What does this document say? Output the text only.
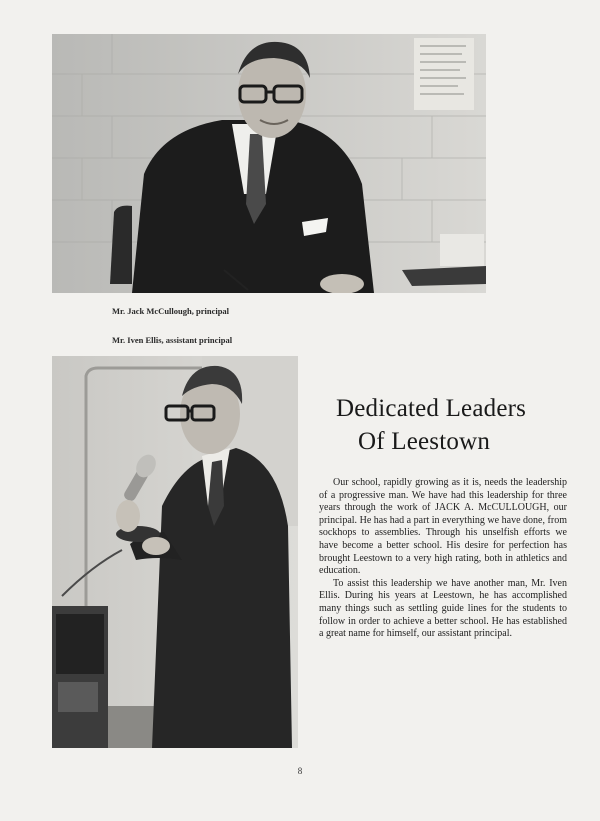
Mr. Jack McCullough, principal
Mr. Iven Ellis, assistant principal
Dedicated Leaders
Of Leestown

Our school, rapidly growing as it is, needs the leadership of a progressive man. We have had this leadership for three years through the work of JACK A. McCULLOUGH, our principal. He has had a part in everything we have done, from sockhops to assemblies. Through his unselfish efforts we have become a better school. His desire for perfection has brought Leestown to a very high rating, both in athletics and education.

To assist this leadership we have another man, Mr. Iven Ellis. During his years at Leestown, he has accomplished many things such as settling guide lines for the students to follow in order to achieve a better school. He has established a great name for himself, our assistant principal.

8
